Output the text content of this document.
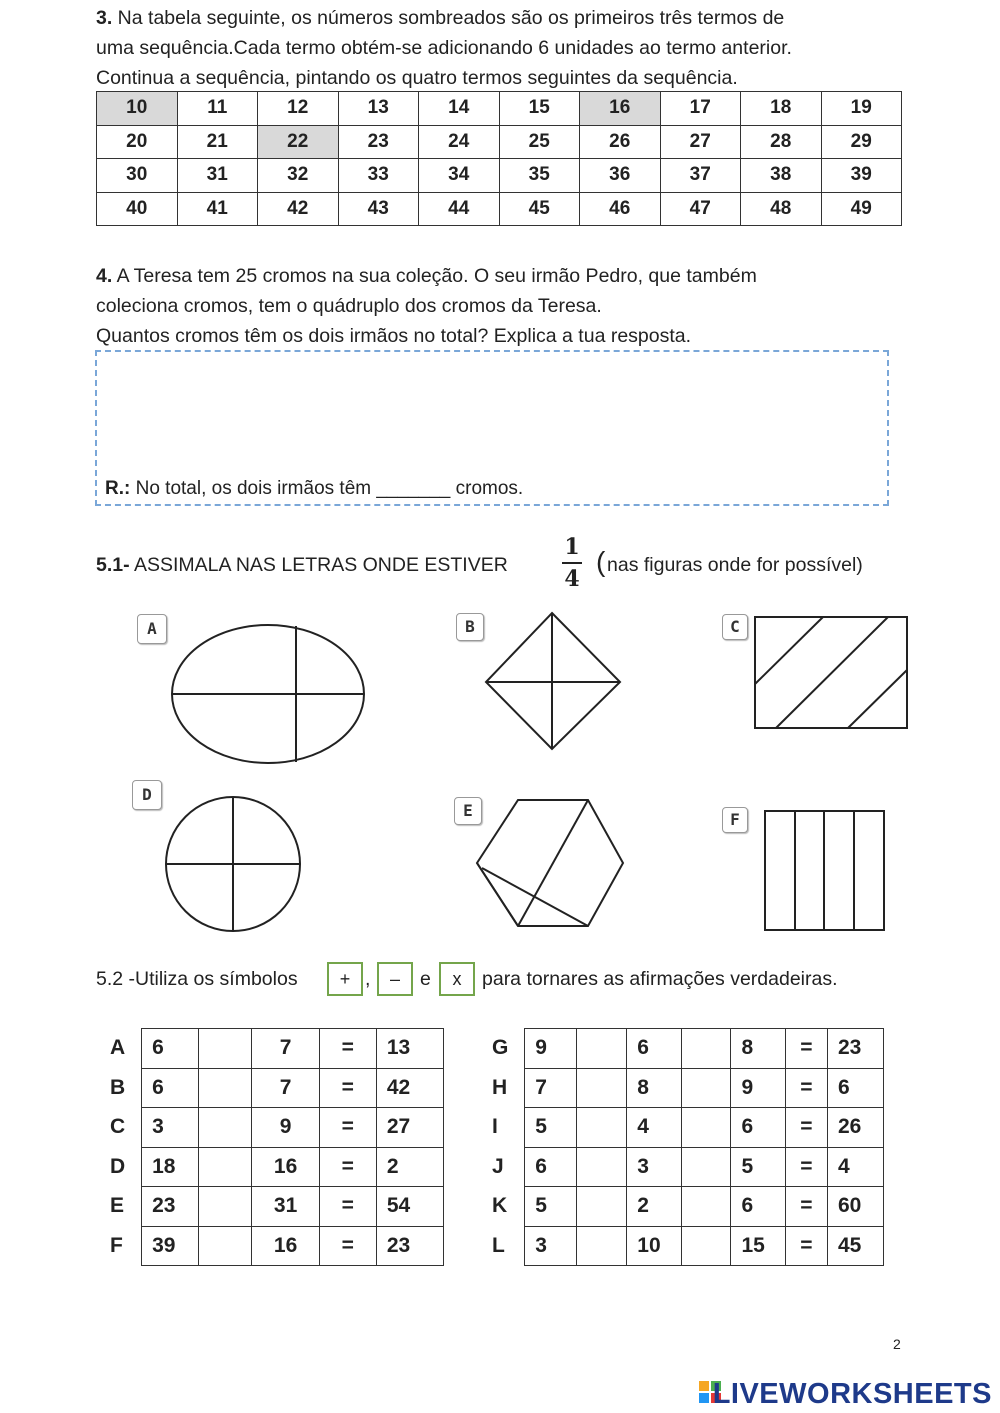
3. Na tabela seguinte, os números sombreados são os primeiros três termos de
uma sequência.Cada termo obtém-se adicionando 6 unidades ao termo anterior.
Continua a sequência, pintando os quatro termos seguintes da sequência.
10	11	12	13	14	15	16	17	18	19
20	21	22	23	24	25	26	27	28	29
30	31	32	33	34	35	36	37	38	39
40	41	42	43	44	45	46	47	48	49
4. A Teresa tem 25 cromos na sua coleção. O seu irmão Pedro, que também
coleciona cromos, tem o quádruplo dos cromos da Teresa.
Quantos cromos têm os dois irmãos no total? Explica a tua resposta.
R.: No total, os dois irmãos têm _______ cromos.
5.1- ASSIMALA NAS LETRAS ONDE ESTIVER
1
4
( nas figuras onde for possível)
A	B	C
D
E	F
5.2 -Utiliza os símbolos	+ ,	–	e	x	para tornares as afirmações verdadeiras.
A	6		7	=	13
B	6		7	=	42
C	3		9	=	27
D	18		16	=	2
E	23		31	=	54
F	39		16	=	23
G	9		6		8	=	23
H	7		8		9	=	6
I	5		4		6	=	26
J	6		3		5	=	4
K	5		2		6	=	60
L	3		10		15	=	45
2
LIVEWORKSHEETS
